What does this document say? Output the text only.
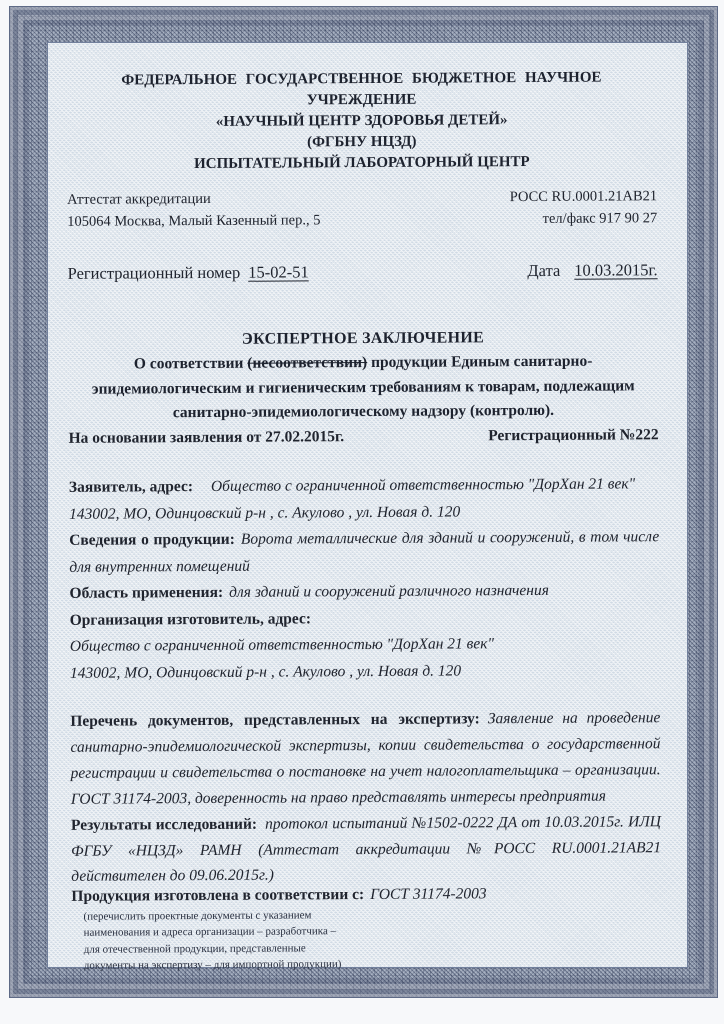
ФЕДЕРАЛЬНОЕ ГОСУДАРСТВЕННОЕ БЮДЖЕТНОЕ НАУЧНОЕ УЧРЕЖДЕНИЕ
«НАУЧНЫЙ ЦЕНТР ЗДОРОВЬЯ ДЕТЕЙ»
(ФГБНУ НЦЗД)
ИСПЫТАТЕЛЬНЫЙ ЛАБОРАТОРНЫЙ ЦЕНТР
Аттестат аккредитации
105064 Москва, Малый Казенный пер., 5
РОСС RU.0001.21АВ21
тел/факс 917 90 27
Регистрационный номер 15-02-51	Дата 10.03.2015г.
ЭКСПЕРТНОЕ ЗАКЛЮЧЕНИЕ
О соответствии (несоответствии) продукции Единым санитарно-
эпидемиологическим и гигиеническим требованиям к товарам, подлежащим
санитарно-эпидемиологическому надзору (контролю).
На основании заявления от 27.02.2015г.	Регистрационный №222

Заявитель, адрес: Общество с ограниченной ответственностью "ДорХан 21 век"

143002, МО, Одинцовский р-н , с. Акулово , ул. Новая д. 120

Сведения о продукции: Ворота металлические для зданий и сооружений, в том числе для внутренних помещений

Область применения: для зданий и сооружений различного назначения

Организация изготовитель, адрес:

Общество с ограниченной ответственностью "ДорХан 21 век"

143002, МО, Одинцовский р-н , с. Акулово , ул. Новая д. 120

Перечень документов, представленных на экспертизу: Заявление на проведение санитарно-эпидемиологической экспертизы, копии свидетельства о государственной регистрации и свидетельства о постановке на учет налогоплательщика – организации. ГОСТ 31174-2003, доверенность на право представлять интересы предприятия
Результаты исследований: протокол испытаний №1502-0222 ДА от 10.03.2015г. ИЛЦ ФГБУ «НЦЗД» РАМН (Аттестат аккредитации №РОСС RU.0001.21АВ21 действителен до 09.06.2015г.)
Продукция изготовлена в соответствии с: ГОСТ 31174-2003
(перечислить проектные документы с указанием
наименования и адреса организации – разработчика –
для отечественной продукции, представленные
документы на экспертизу – для импортной продукции)
